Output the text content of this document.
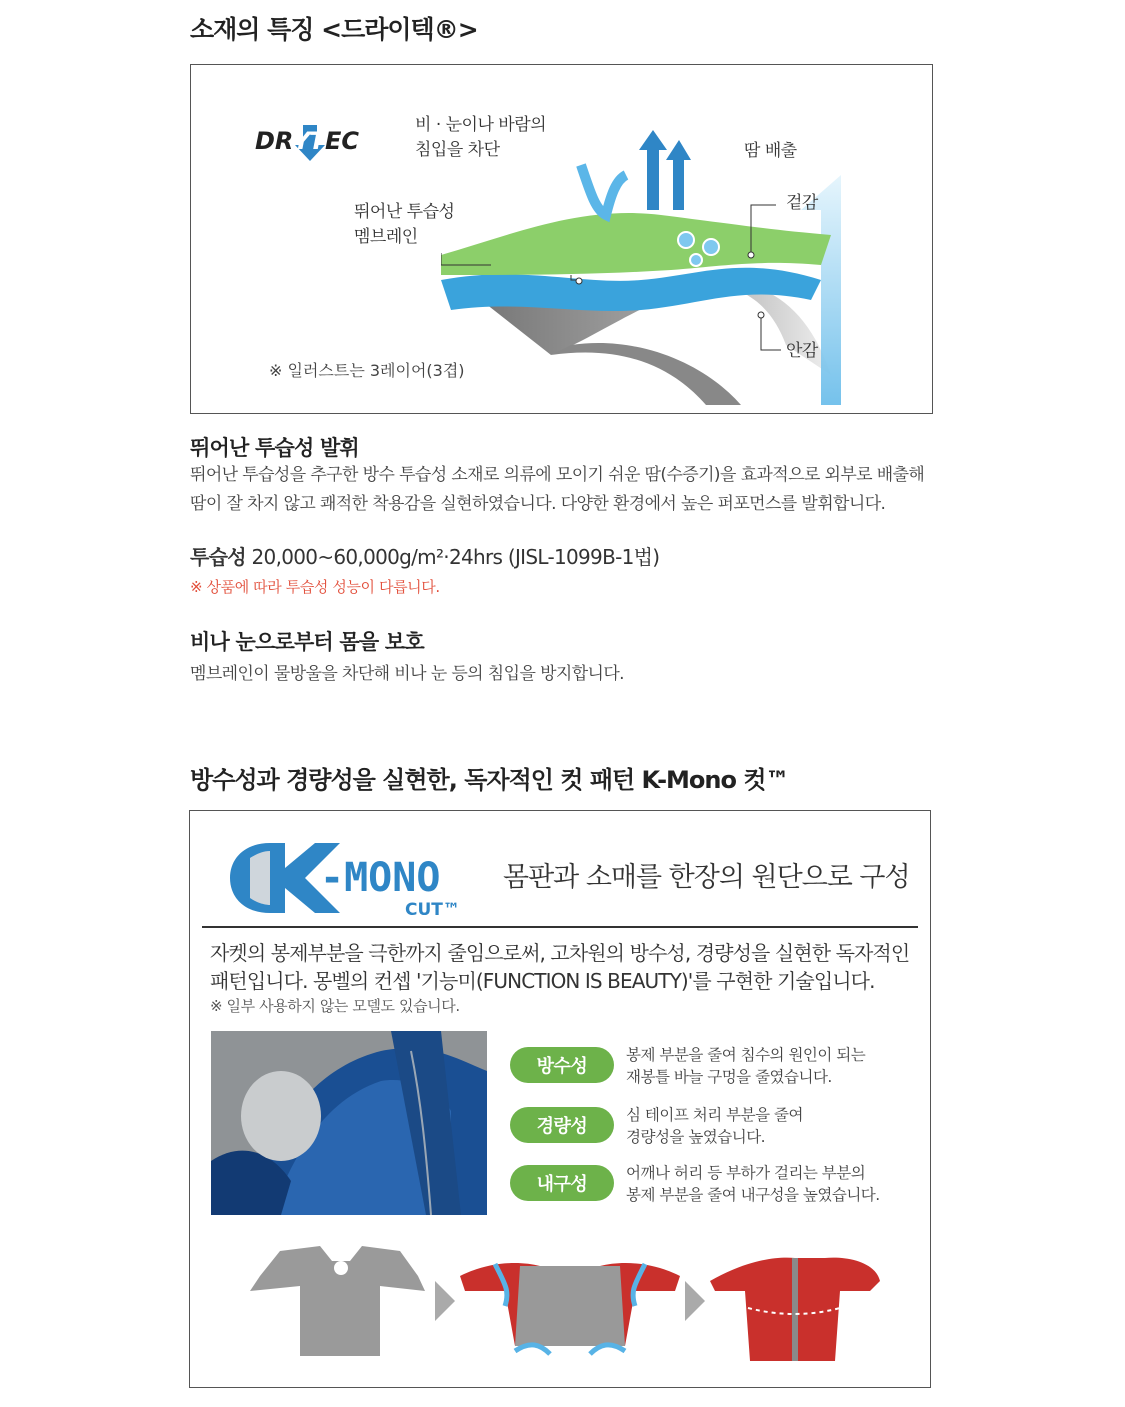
소재의 특징 <드라이텍®>
DR Y
T EC
비 · 눈이나 바람의
침입을 차단	땀 배출
겉감
뛰어난 투습성
멤브레인
안감
※ 일러스트는 3레이어(3겹)
뛰어난 투습성 발휘
뛰어난 투습성을 추구한 방수 투습성 소재로 의류에 모이기 쉬운 땀(수증기)을 효과적으로 외부로 배출해
땀이 잘 차지 않고 쾌적한 착용감을 실현하였습니다. 다양한 환경에서 높은 퍼포먼스를 발휘합니다.
투습성 20,000~60,000g/m²·24hrs (JISL-1099B-1법)
※ 상품에 따라 투습성 성능이 다릅니다.
비나 눈으로부터 몸을 보호
멤브레인이 물방울을 차단해 비나 눈 등의 침입을 방지합니다.
방수성과 경량성을 실현한, 독자적인 컷 패턴 K-Mono 컷™
-MONO
CUT™
몸판과 소매를 한장의 원단으로 구성
자켓의 봉제부분을 극한까지 줄임으로써, 고차원의 방수성, 경량성을 실현한 독자적인
패턴입니다. 몽벨의 컨셉 '기능미(FUNCTION IS BEAUTY)'를 구현한 기술입니다.
※ 일부 사용하지 않는 모델도 있습니다.
방수성
봉제 부분을 줄여 침수의 원인이 되는
재봉틀 바늘 구멍을 줄였습니다.
경량성
심 테이프 처리 부분을 줄여
경량성을 높였습니다.
내구성
어깨나 허리 등 부하가 걸리는 부분의
봉제 부분을 줄여 내구성을 높였습니다.
